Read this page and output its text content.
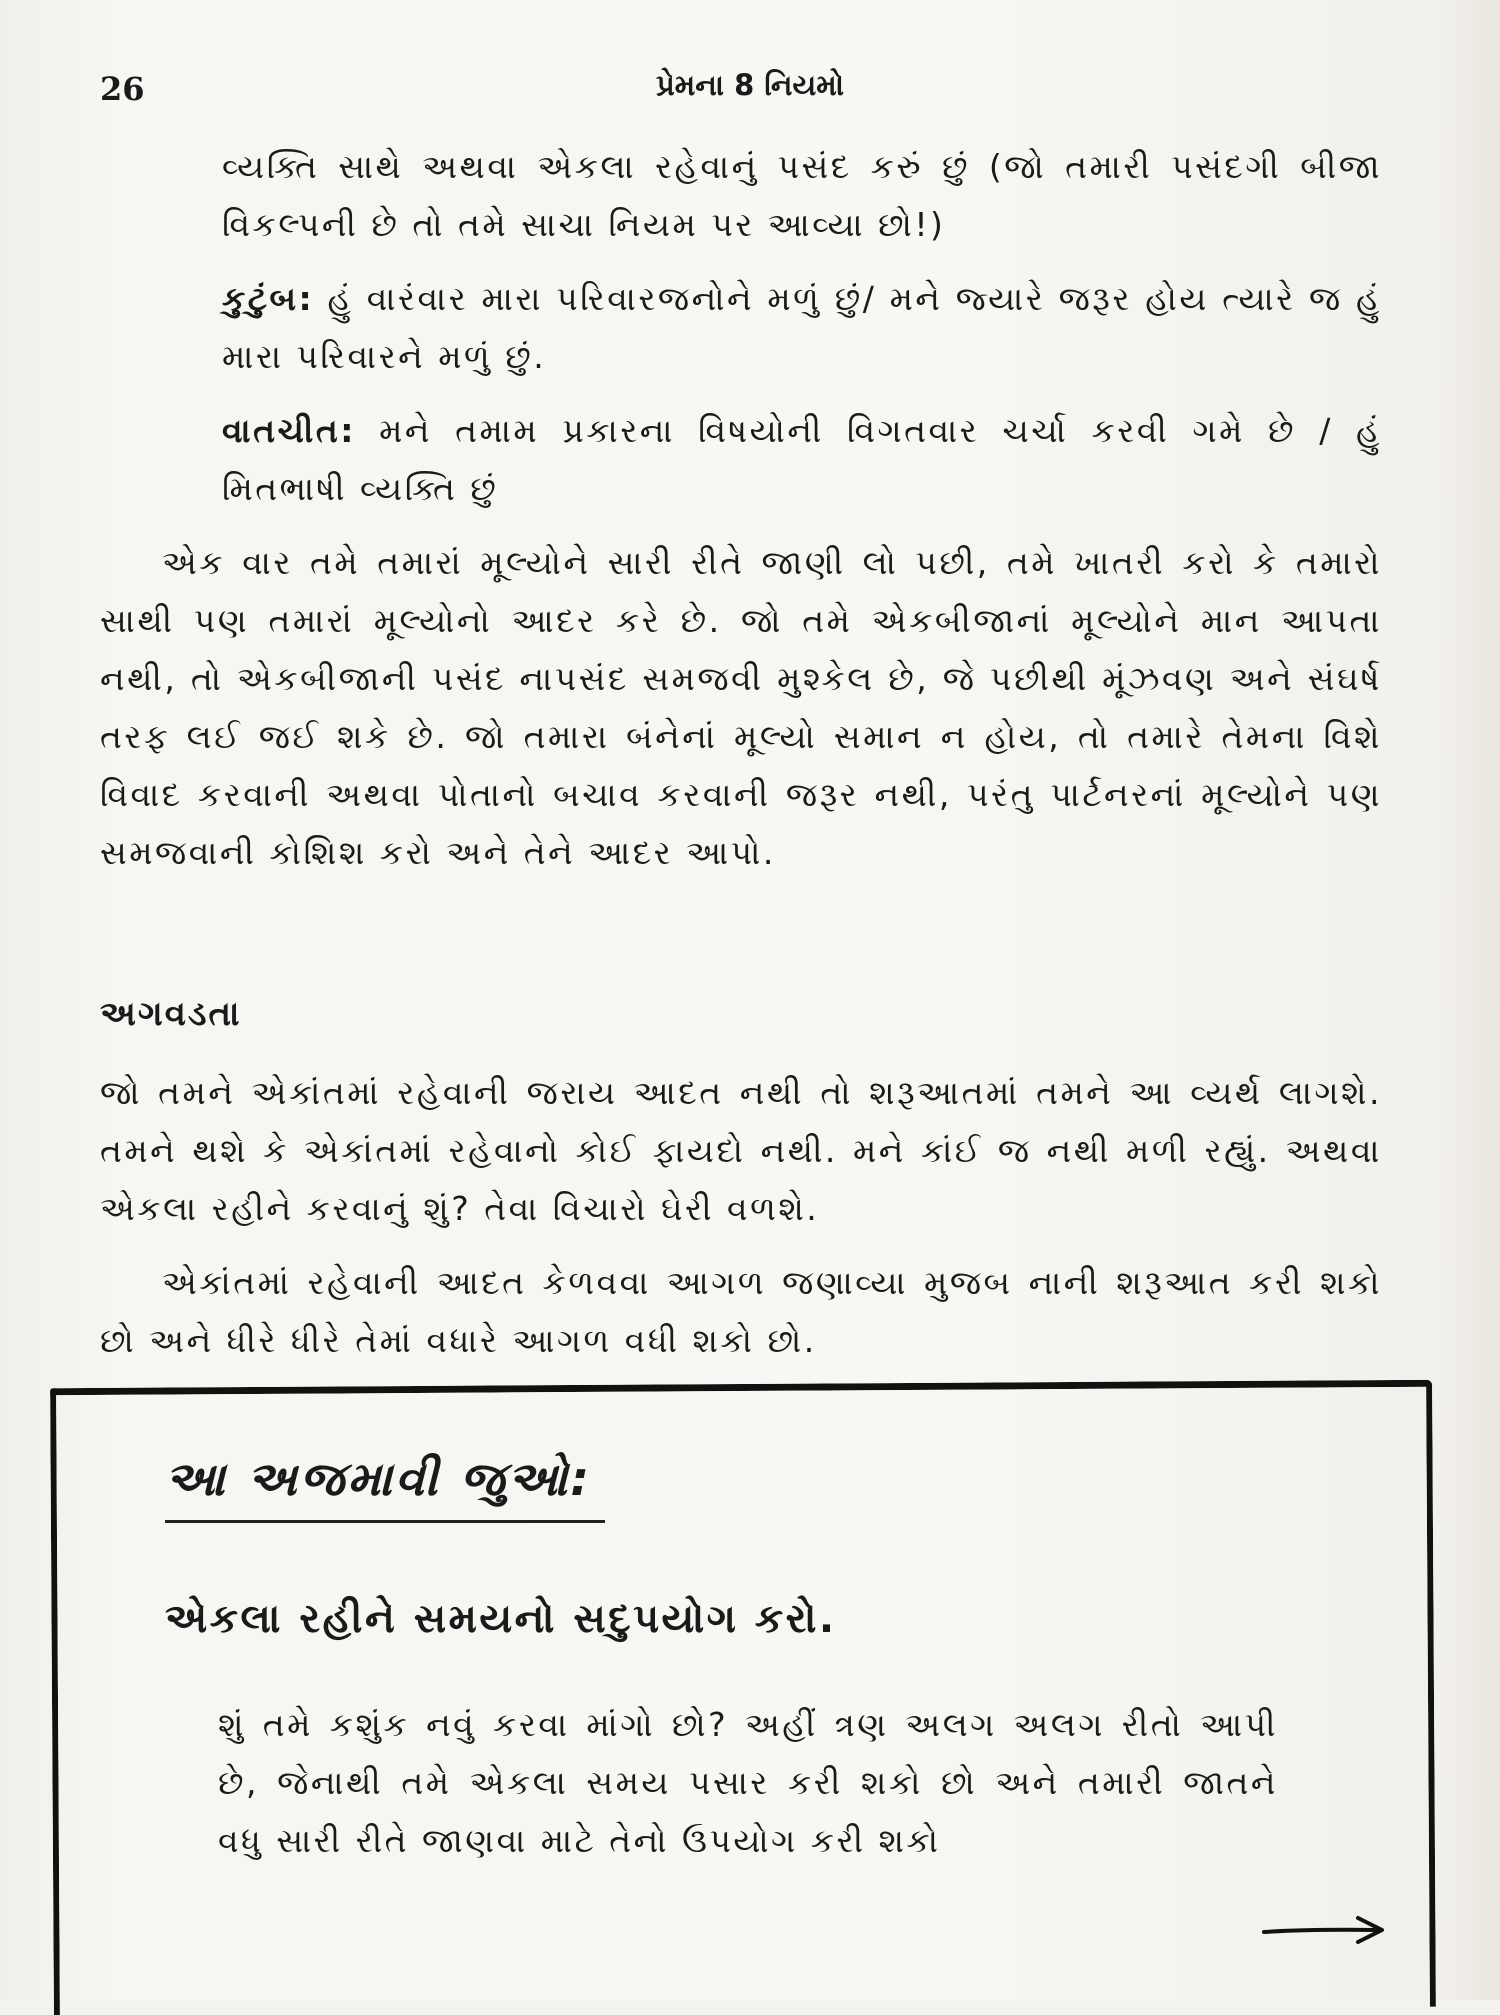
26	પ્રેમના 8 નિયમો

વ્યક્તિ સાથે અથવા એકલા રહેવાનું પસંદ કરું છું (જો તમારી પસંદગી બીજા વિકલ્પની છે તો તમે સાચા નિયમ પર આવ્યા છો!)

કુટુંબ: હું વારંવાર મારા પરિવારજનોને મળું છું/ મને જ્યારે જરૂર હોય ત્યારે જ હું મારા પરિવારને મળું છું.

વાતચીત: મને તમામ પ્રકારના વિષયોની વિગતવાર ચર્ચા કરવી ગમે છે / હું મિતભાષી વ્યક્તિ છું

એક વાર તમે તમારાં મૂલ્યોને સારી રીતે જાણી લો પછી, તમે ખાતરી કરો કે તમારો સાથી પણ તમારાં મૂલ્યોનો આદર કરે છે. જો તમે એકબીજાનાં મૂલ્યોને માન આપતા નથી, તો એકબીજાની પસંદ નાપસંદ સમજવી મુશ્કેલ છે, જે પછીથી મૂંઝવણ અને સંઘર્ષ તરફ લઈ જઈ શકે છે. જો તમારા બંનેનાં મૂલ્યો સમાન ન હોય, તો તમારે તેમના વિશે વિવાદ કરવાની અથવા પોતાનો બચાવ કરવાની જરૂર નથી, પરંતુ પાર્ટનરનાં મૂલ્યોને પણ સમજવાની કોશિશ કરો અને તેને આદર આપો.

અગવડતા

જો તમને એકાંતમાં રહેવાની જરાય આદત નથી તો શરૂઆતમાં તમને આ વ્યર્થ લાગશે. તમને થશે કે એકાંતમાં રહેવાનો કોઈ ફાયદો નથી. મને કાંઈ જ નથી મળી રહ્યું. અથવા એકલા રહીને કરવાનું શું? તેવા વિચારો ઘેરી વળશે.

એકાંતમાં રહેવાની આદત કેળવવા આગળ જણાવ્યા મુજબ નાની શરૂઆત કરી શકો છો અને ધીરે ધીરે તેમાં વધારે આગળ વધી શકો છો.

આ અજમાવી જુઓ:
એકલા રહીને સમયનો સદુપયોગ કરો.

શું તમે કશુંક નવું કરવા માંગો છો? અહીં ત્રણ અલગ અલગ રીતો આપી છે, જેનાથી તમે એકલા સમય પસાર કરી શકો છો અને તમારી જાતને વધુ સારી રીતે જાણવા માટે તેનો ઉપયોગ કરી શકો
